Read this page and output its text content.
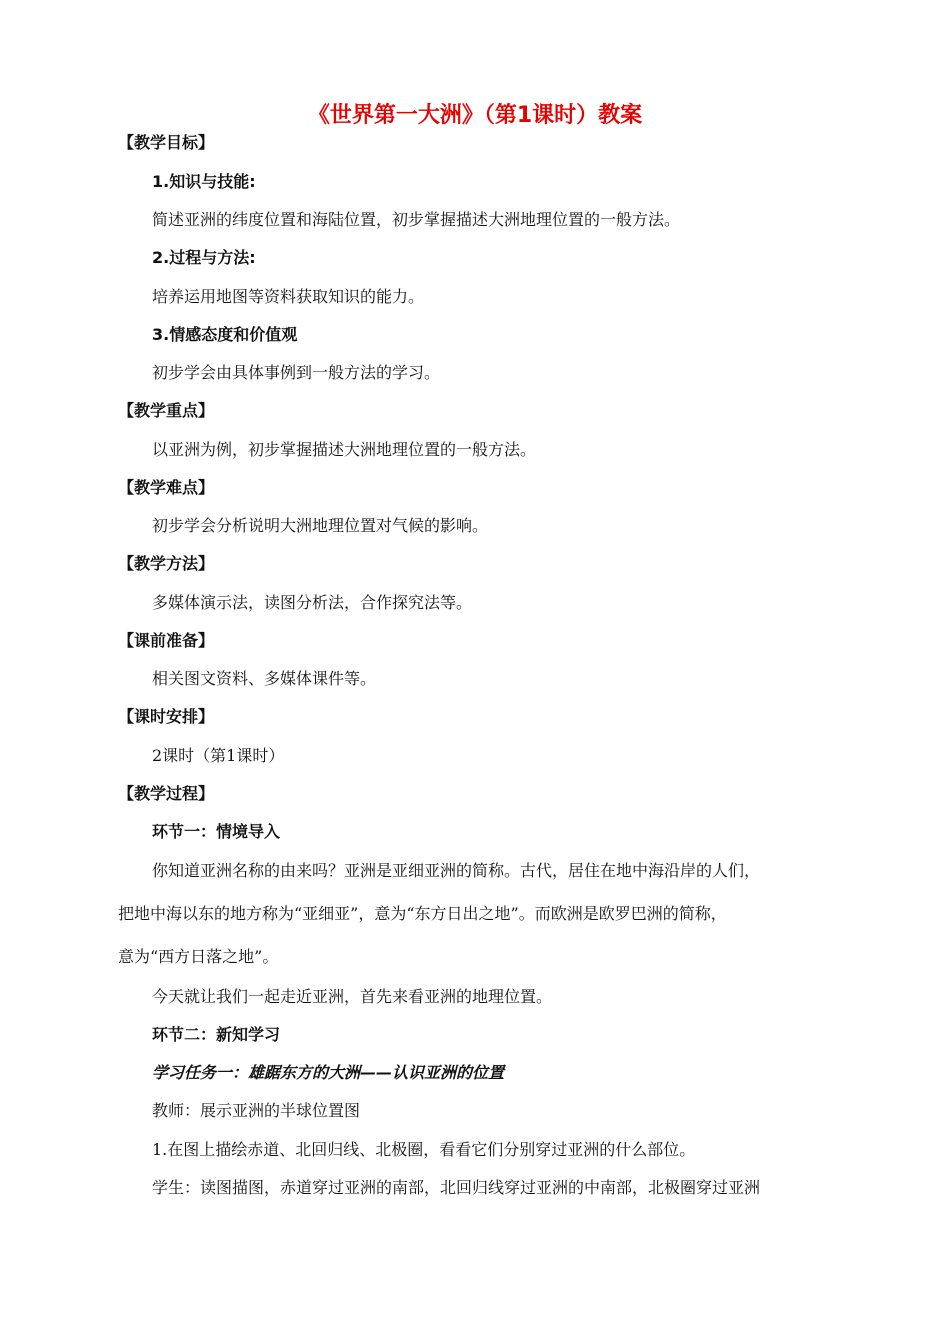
《世界第一大洲》（第1课时）教案
【教学目标】
1.知识与技能:
简述亚洲的纬度位置和海陆位置，初步掌握描述大洲地理位置的一般方法。
2.过程与方法:
培养运用地图等资料获取知识的能力。
3.情感态度和价值观
初步学会由具体事例到一般方法的学习。
【教学重点】
以亚洲为例，初步掌握描述大洲地理位置的一般方法。
【教学难点】
初步学会分析说明大洲地理位置对气候的影响。
【教学方法】
多媒体演示法，读图分析法，合作探究法等。
【课前准备】
相关图文资料、多媒体课件等。
【课时安排】
2课时（第1课时）
【教学过程】
环节一：情境导入
你知道亚洲名称的由来吗？亚洲是亚细亚洲的简称。古代，居住在地中海沿岸的人们，
把地中海以东的地方称为“亚细亚”，意为“东方日出之地”。而欧洲是欧罗巴洲的简称，
意为“西方日落之地”。
今天就让我们一起走近亚洲，首先来看亚洲的地理位置。
环节二：新知学习
学习任务一：雄踞东方的大洲——认识亚洲的位置
教师：展示亚洲的半球位置图
1.在图上描绘赤道、北回归线、北极圈，看看它们分别穿过亚洲的什么部位。
学生：读图描图，赤道穿过亚洲的南部，北回归线穿过亚洲的中南部，北极圈穿过亚洲
